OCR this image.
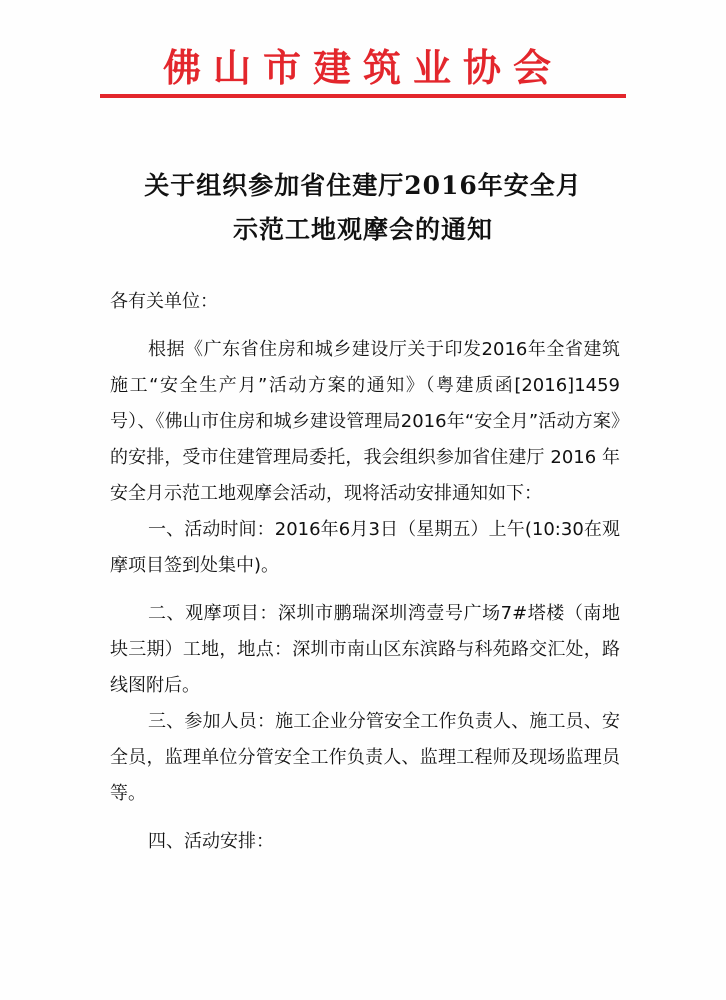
佛山市建筑业协会
关于组织参加省住建厅2016年安全月
示范工地观摩会的通知

各有关单位：

根据《广东省住房和城乡建设厅关于印发2016年全省建筑施工“安全生产月”活动方案的通知》（粤建质函[2016]1459号）、《佛山市住房和城乡建设管理局2016年“安全月”活动方案》的安排，受市住建管理局委托，我会组织参加省住建厅 2016 年安全月示范工地观摩会活动，现将活动安排通知如下：

一、活动时间：2016年6月3日（星期五）上午(10:30在观摩项目签到处集中)。

二、观摩项目：深圳市鹏瑞深圳湾壹号广场7#塔楼（南地块三期）工地，地点：深圳市南山区东滨路与科苑路交汇处，路线图附后。

三、参加人员：施工企业分管安全工作负责人、施工员、安全员，监理单位分管安全工作负责人、监理工程师及现场监理员等。

四、活动安排：
